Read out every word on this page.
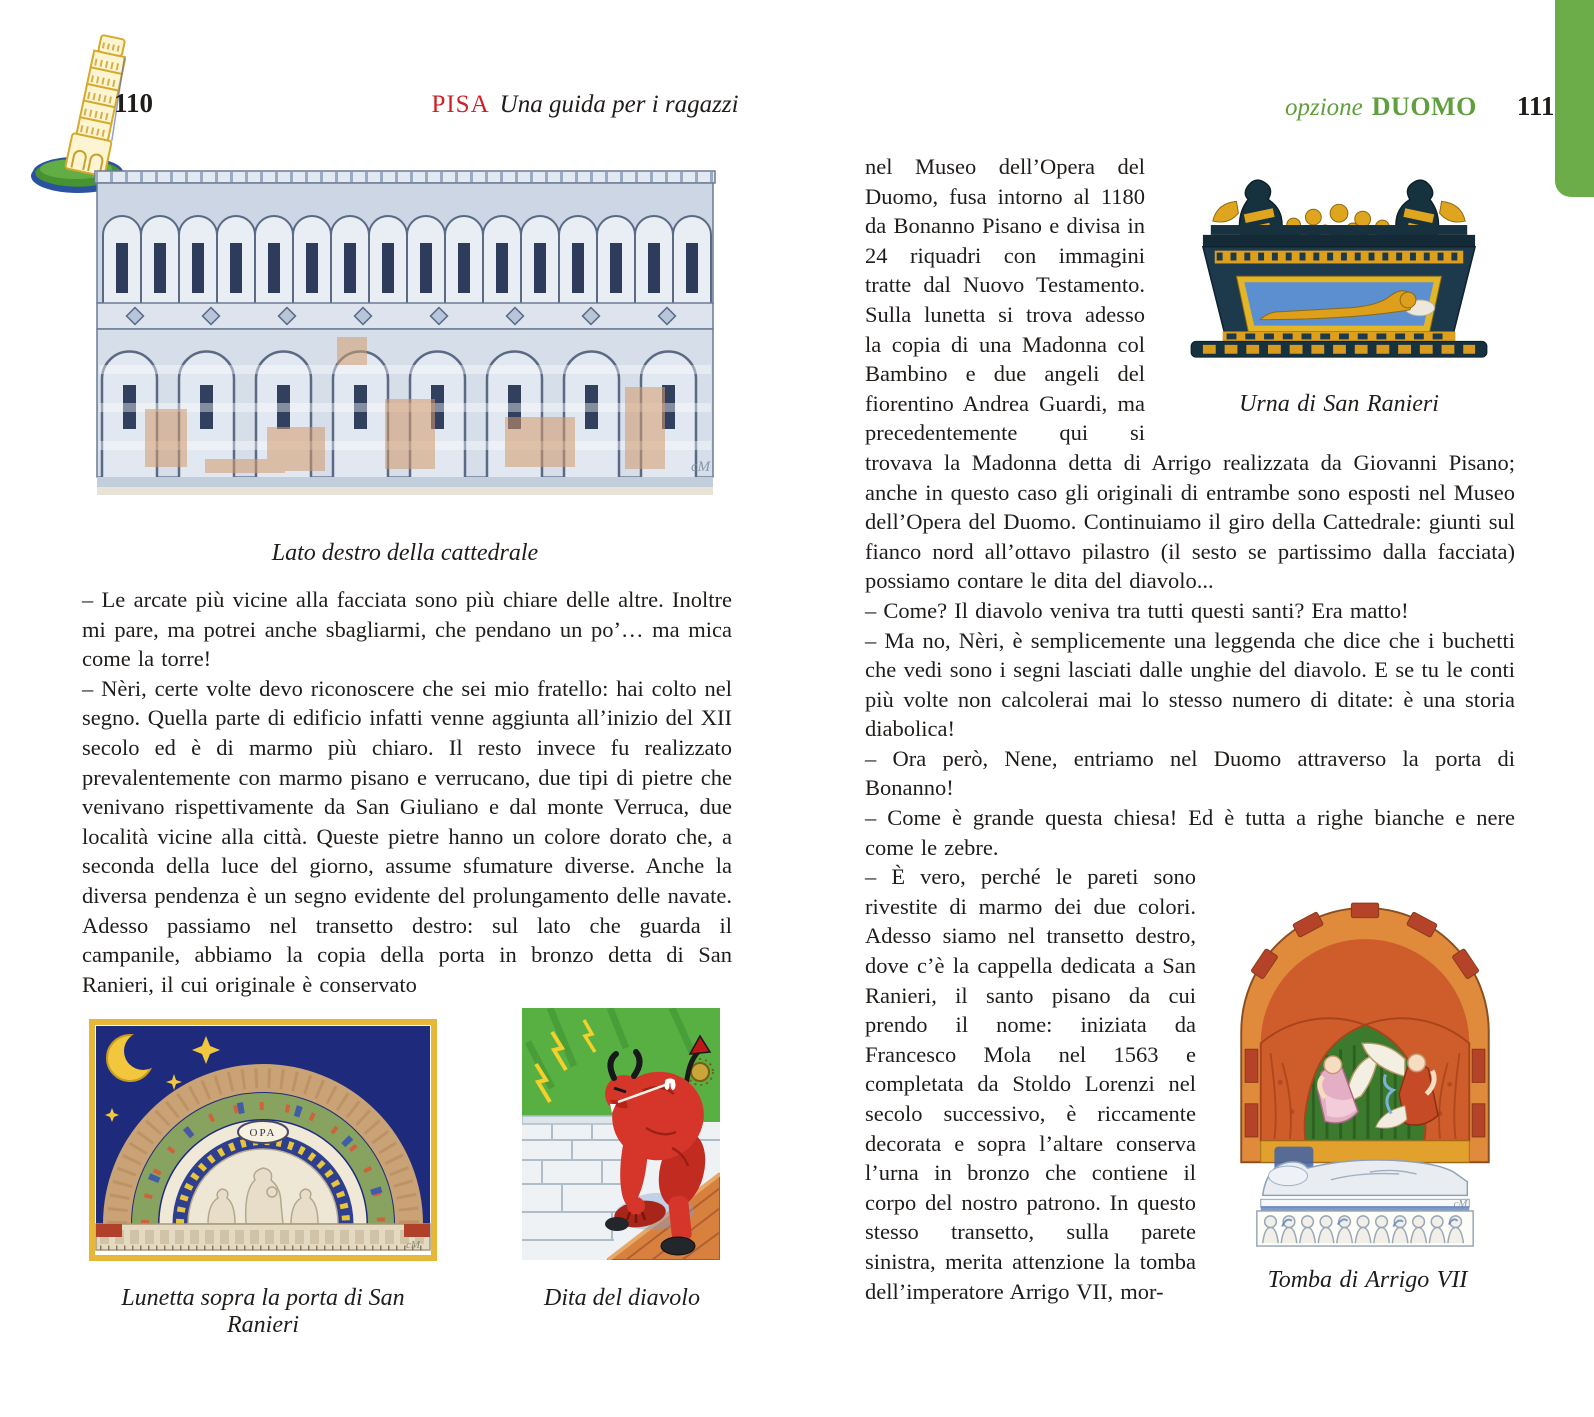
110	PISA Una guida per i ragazzi	opzione DUOMO 111
cM
Lato destro della cattedrale

– Le arcate più vicine alla facciata sono più chiare delle altre. Inoltre mi pare, ma potrei anche sbagliarmi, che pendano un po’… ma mica come la torre!

– Nèri, certe volte devo riconoscere che sei mio fratello: hai colto nel segno. Quella parte di edificio infatti venne aggiunta all’inizio del XII secolo ed è di marmo più chiaro. Il resto invece fu realizzato prevalentemente con marmo pisano e verrucano, due tipi di pietre che venivano rispettivamente da San Giuliano e dal monte Verruca, due località vicine alla città. Queste pietre hanno un colore dorato che, a seconda della luce del giorno, assume sfumature diverse. Anche la diversa pendenza è un segno evidente del prolungamento delle navate. Adesso passiamo nel transetto destro: sul lato che guarda il campanile, abbiamo la copia della porta in bronzo detta di San Ranieri, il cui originale è conservato

OPA
cM
Lunetta sopra la porta di San Ranieri
Dita del diavolo
Urna di San Ranieri

nel Museo dell’Opera del Duomo, fusa intorno al 1180 da Bonanno Pisano e divisa in 24 riquadri con immagini tratte dal Nuovo Testamento. Sulla lunetta si trova adesso la copia di una Madonna col Bambino e due angeli del fiorentino Andrea Guardi, ma precedentemente qui si trovava la Madonna detta di Arrigo realizzata da Giovanni Pisano; anche in questo caso gli originali di entrambe sono esposti nel Museo dell’Opera del Duomo. Continuiamo il giro della Cattedrale: giunti sul fianco nord all’ottavo pilastro (il sesto se partissimo dalla facciata) possiamo contare le dita del diavolo...

– Come? Il diavolo veniva tra tutti questi santi? Era matto!

– Ma no, Nèri, è semplicemente una leggenda che dice che i buchetti che vedi sono i segni lasciati dalle unghie del diavolo. E se tu le conti più volte non calcolerai mai lo stesso numero di ditate: è una storia diabolica!

– Ora però, Nene, entriamo nel Duomo attraverso la porta di Bonanno!

– Come è grande questa chiesa! Ed è tutta a righe bianche e nere come le zebre.

cM
Tomba di Arrigo VII

– È vero, perché le pareti sono rivestite di marmo dei due colori. Adesso siamo nel transetto destro, dove c’è la cappella dedicata a San Ranieri, il santo pisano da cui prendo il nome: iniziata da Francesco Mola nel 1563 e completata da Stoldo Lorenzi nel secolo successivo, è riccamente decorata e sopra l’altare conserva l’urna in bronzo che contiene il corpo del nostro patrono. In questo stesso transetto, sulla parete sinistra, merita attenzione la tomba dell’imperatore Arrigo VII, mor-
